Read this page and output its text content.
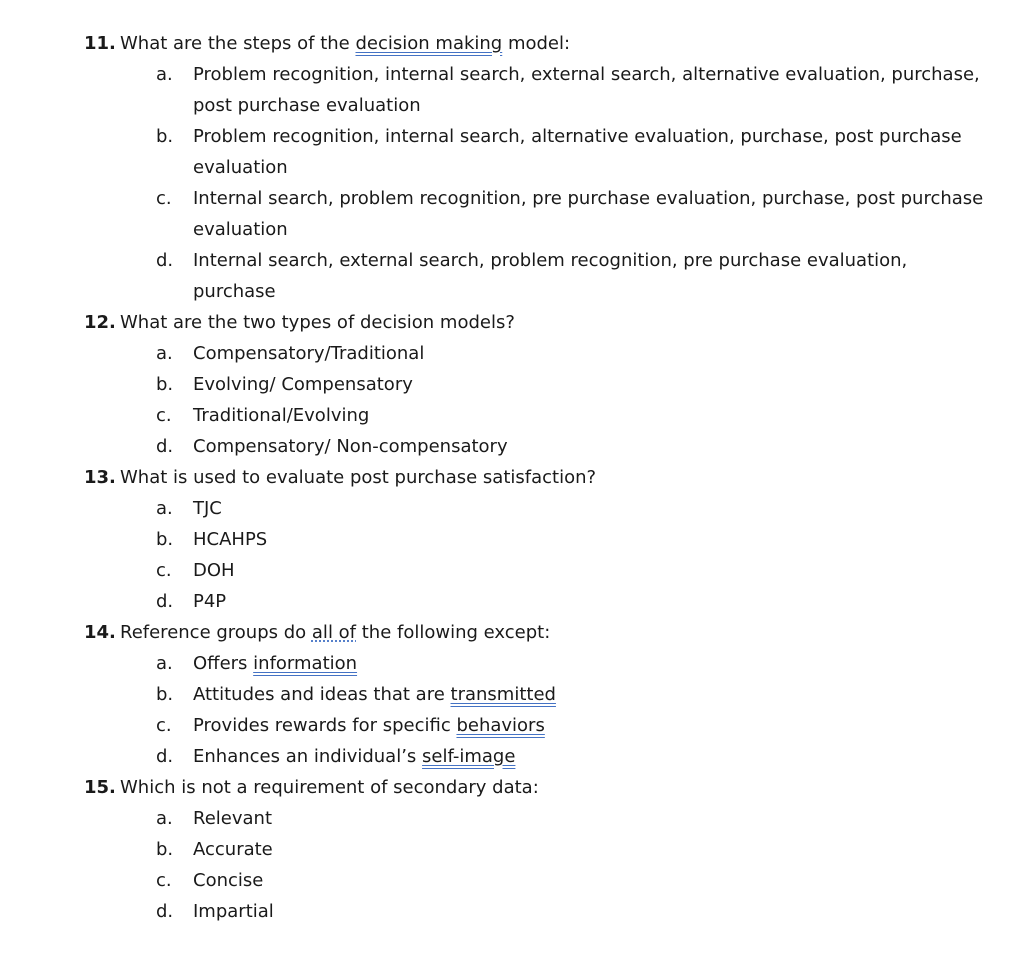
11. What are the steps of the decision making model:
a. Problem recognition, internal search, external search, alternative evaluation, purchase, post purchase evaluation
b. Problem recognition, internal search, alternative evaluation, purchase, post purchase evaluation
c. Internal search, problem recognition, pre purchase evaluation, purchase, post purchase evaluation
d. Internal search, external search, problem recognition, pre purchase evaluation, purchase
12. What are the two types of decision models?
a. Compensatory/Traditional
b. Evolving/ Compensatory
c. Traditional/Evolving
d. Compensatory/ Non-compensatory
13. What is used to evaluate post purchase satisfaction?
a. TJC
b. HCAHPS
c. DOH
d. P4P
14. Reference groups do all of the following except:
a. Offers information
b. Attitudes and ideas that are transmitted
c. Provides rewards for specific behaviors
d. Enhances an individual’s self-image
15. Which is not a requirement of secondary data:
a. Relevant
b. Accurate
c. Concise
d. Impartial
